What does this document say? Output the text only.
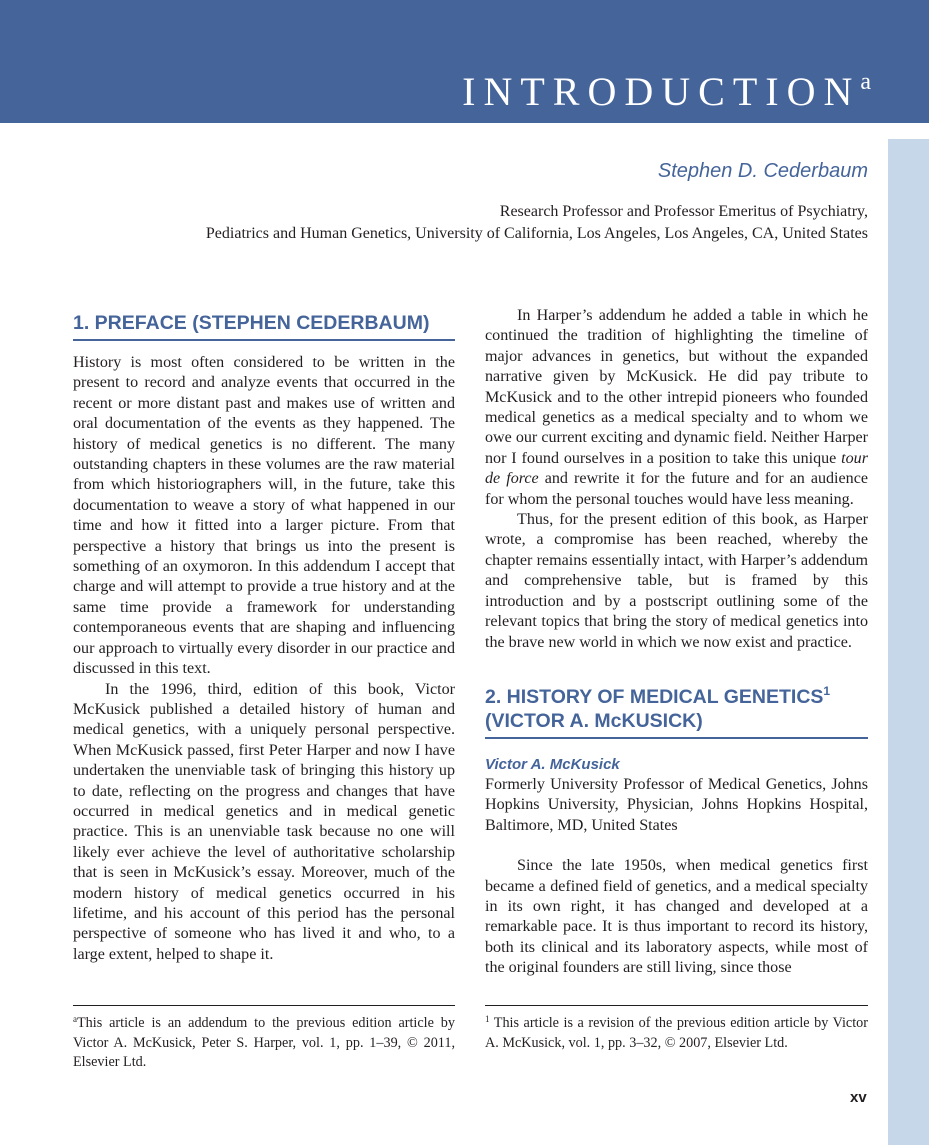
INTRODUCTION$^a$
Stephen D. Cederbaum
Research Professor and Professor Emeritus of Psychiatry,
Pediatrics and Human Genetics, University of California, Los Angeles, Los Angeles, CA, United States
1. PREFACE (STEPHEN CEDERBAUM)

History is most often considered to be written in the present to record and analyze events that occurred in the recent or more distant past and makes use of written and oral documentation of the events as they happened. The history of medical genetics is no different. The many outstanding chapters in these volumes are the raw material from which historiographers will, in the future, take this documentation to weave a story of what happened in our time and how it fitted into a larger picture. From that perspective a history that brings us into the present is something of an oxymoron. In this addendum I accept that charge and will attempt to provide a true history and at the same time provide a framework for understanding contemporaneous events that are shaping and influencing our approach to virtually every disorder in our practice and discussed in this text.

In the 1996, third, edition of this book, Victor McKusick published a detailed history of human and medical genetics, with a uniquely personal perspective. When McKusick passed, first Peter Harper and now I have undertaken the unenviable task of bringing this history up to date, reflecting on the progress and changes that have occurred in medical genetics and in medical genetic practice. This is an unenviable task because no one will likely ever achieve the level of authoritative scholarship that is seen in McKusick’s essay. Moreover, much of the modern history of medical genetics occurred in his lifetime, and his account of this period has the personal perspective of someone who has lived it and who, to a large extent, helped to shape it.

In Harper’s addendum he added a table in which he continued the tradition of highlighting the timeline of major advances in genetics, but without the expanded narrative given by McKusick. He did pay tribute to McKusick and to the other intrepid pioneers who founded medical genetics as a medical specialty and to whom we owe our current exciting and dynamic field. Neither Harper nor I found ourselves in a position to take this unique tour de force and rewrite it for the future and for an audience for whom the personal touches would have less meaning.

Thus, for the present edition of this book, as Harper wrote, a compromise has been reached, whereby the chapter remains essentially intact, with Harper’s addendum and comprehensive table, but is framed by this introduction and by a postscript outlining some of the relevant topics that bring the story of medical genetics into the brave new world in which we now exist and practice.

2. HISTORY OF MEDICAL GENETICS$^1$
(VICTOR A. McKUSICK)
Victor A. McKusick

Formerly University Professor of Medical Genetics, Johns Hopkins University, Physician, Johns Hopkins Hospital, Baltimore, MD, United States

Since the late 1950s, when medical genetics first became a defined field of genetics, and a medical specialty in its own right, it has changed and developed at a remarkable pace. It is thus important to record its history, both its clinical and its laboratory aspects, while most of the original founders are still living, since those

$^a$This article is an addendum to the previous edition article by Victor A. McKusick, Peter S. Harper, vol. 1, pp. 1–39, © 2011, Elsevier Ltd.
$^1$ This article is a revision of the previous edition article by Victor A. McKusick, vol. 1, pp. 3–32, © 2007, Elsevier Ltd.
xv
